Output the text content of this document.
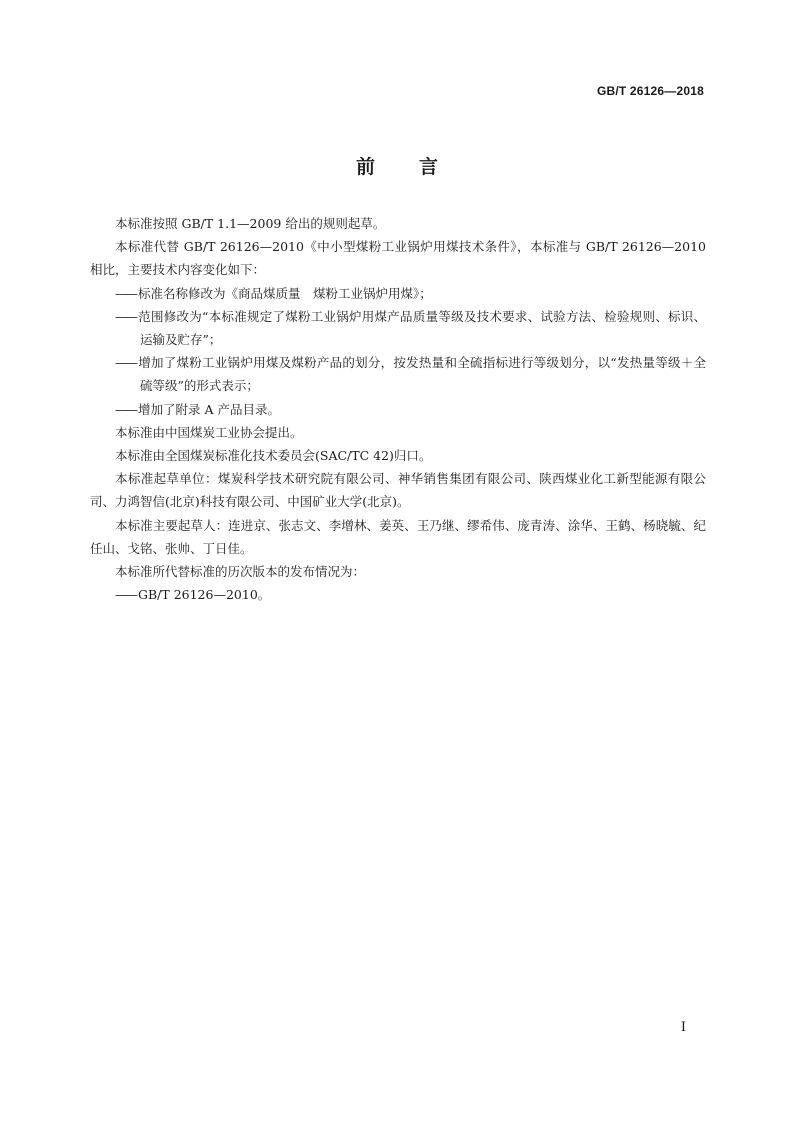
GB/T 26126—2018
前 言
本标准按照 GB/T 1.1—2009 给出的规则起草。
本标准代替 GB/T 26126—2010《中小型煤粉工业锅炉用煤技术条件》，本标准与 GB/T 26126—2010 相比，主要技术内容变化如下：
—— 标准名称修改为《商品煤质量　煤粉工业锅炉用煤》；
—— 范围修改为“本标准规定了煤粉工业锅炉用煤产品质量等级及技术要求、试验方法、检验规则、标识、运输及贮存”；
—— 增加了煤粉工业锅炉用煤及煤粉产品的划分，按发热量和全硫指标进行等级划分，以“发热量等级＋全硫等级”的形式表示；
—— 增加了附录 A 产品目录。
本标准由中国煤炭工业协会提出。
本标准由全国煤炭标准化技术委员会(SAC/TC 42)归口。
本标准起草单位：煤炭科学技术研究院有限公司、神华销售集团有限公司、陕西煤业化工新型能源有限公司、力鸿智信(北京)科技有限公司、中国矿业大学(北京)。
本标准主要起草人：连进京、张志文、李增林、姜英、王乃继、缪希伟、庞青涛、涂华、王鹤、杨晓毓、纪任山、戈铭、张帅、丁日佳。
本标准所代替标准的历次版本的发布情况为：
—— GB/T 26126—2010。
I
